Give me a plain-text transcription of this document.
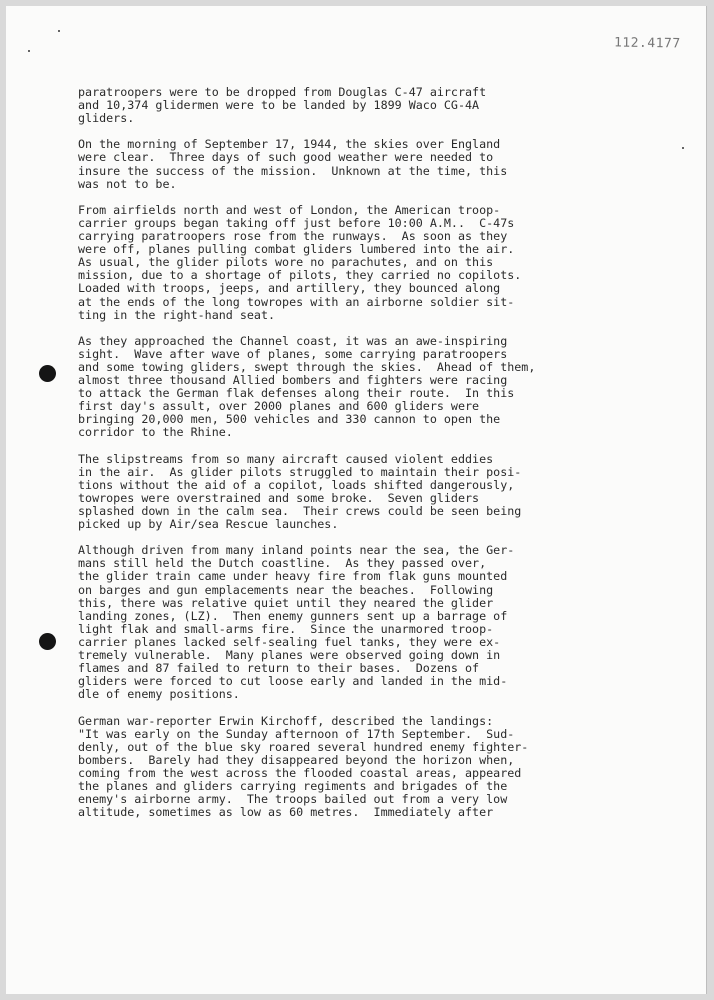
112.4177

paratroopers were to be dropped from Douglas C-47 aircraft
and 10,374 glidermen were to be landed by 1899 Waco CG-4A
gliders.

On the morning of September 17, 1944, the skies over England
were clear.  Three days of such good weather were needed to
insure the success of the mission.  Unknown at the time, this
was not to be.

From airfields north and west of London, the American troop-
carrier groups began taking off just before 10:00 A.M..  C-47s
carrying paratroopers rose from the runways.  As soon as they
were off, planes pulling combat gliders lumbered into the air.
As usual, the glider pilots wore no parachutes, and on this
mission, due to a shortage of pilots, they carried no copilots.
Loaded with troops, jeeps, and artillery, they bounced along
at the ends of the long towropes with an airborne soldier sit-
ting in the right-hand seat.

As they approached the Channel coast, it was an awe-inspiring
sight.  Wave after wave of planes, some carrying paratroopers
and some towing gliders, swept through the skies.  Ahead of them,
almost three thousand Allied bombers and fighters were racing
to attack the German flak defenses along their route.  In this
first day's assult, over 2000 planes and 600 gliders were
bringing 20,000 men, 500 vehicles and 330 cannon to open the
corridor to the Rhine.

The slipstreams from so many aircraft caused violent eddies
in the air.  As glider pilots struggled to maintain their posi-
tions without the aid of a copilot, loads shifted dangerously,
towropes were overstrained and some broke.  Seven gliders
splashed down in the calm sea.  Their crews could be seen being
picked up by Air/sea Rescue launches.

Although driven from many inland points near the sea, the Ger-
mans still held the Dutch coastline.  As they passed over,
the glider train came under heavy fire from flak guns mounted
on barges and gun emplacements near the beaches.  Following
this, there was relative quiet until they neared the glider
landing zones, (LZ).  Then enemy gunners sent up a barrage of
light flak and small-arms fire.  Since the unarmored troop-
carrier planes lacked self-sealing fuel tanks, they were ex-
tremely vulnerable.  Many planes were observed going down in
flames and 87 failed to return to their bases.  Dozens of
gliders were forced to cut loose early and landed in the mid-
dle of enemy positions.

German war-reporter Erwin Kirchoff, described the landings:
"It was early on the Sunday afternoon of 17th September.  Sud-
denly, out of the blue sky roared several hundred enemy fighter-
bombers.  Barely had they disappeared beyond the horizon when,
coming from the west across the flooded coastal areas, appeared
the planes and gliders carrying regiments and brigades of the
enemy's airborne army.  The troops bailed out from a very low
altitude, sometimes as low as 60 metres.  Immediately after
